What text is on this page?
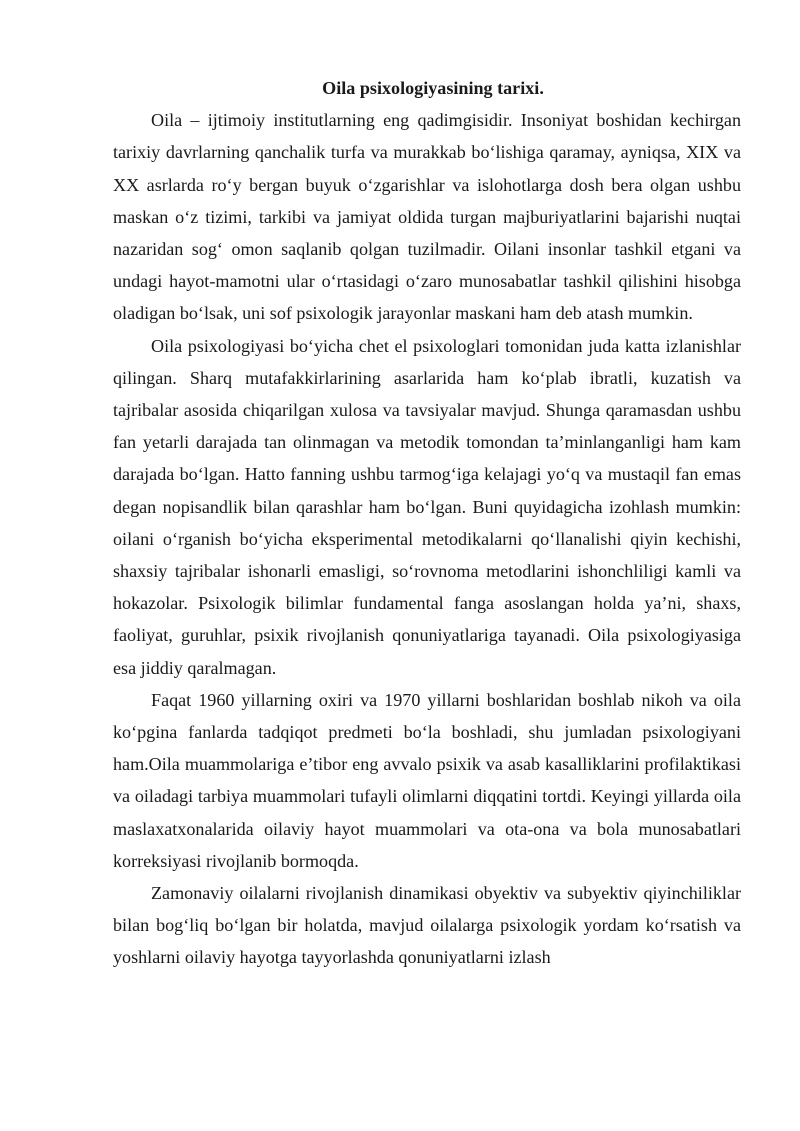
Oila psixologiyasining tarixi.

Oila – ijtimoiy institutlarning eng qadimgisidir. Insoniyat boshidan kechirgan tarixiy davrlarning qanchalik turfa va murakkab bo‘lishiga qaramay, ayniqsa, XIX va XX asrlarda ro‘y bergan buyuk o‘zgarishlar va islohotlarga dosh bera olgan ushbu maskan o‘z tizimi, tarkibi va jamiyat oldida turgan majburiyatlarini bajarishi nuqtai nazaridan sog‘ omon saqlanib qolgan tuzilmadir. Oilani insonlar tashkil etgani va undagi hayot-mamotni ular o‘rtasidagi o‘zaro munosabatlar tashkil qilishini hisobga oladigan bo‘lsak, uni sof psixologik jarayonlar maskani ham deb atash mumkin.

Oila psixologiyasi bo‘yicha chet el psixologlari tomonidan juda katta izlanishlar qilingan. Sharq mutafakkirlarining asarlarida ham ko‘plab ibratli, kuzatish va tajribalar asosida chiqarilgan xulosa va tavsiyalar mavjud. Shunga qaramasdan ushbu fan yetarli darajada tan olinmagan va metodik tomondan ta’minlanganligi ham kam darajada bo‘lgan. Hatto fanning ushbu tarmog‘iga kelajagi yo‘q va mustaqil fan emas degan nopisandlik bilan qarashlar ham bo‘lgan. Buni quyidagicha izohlash mumkin: oilani o‘rganish bo‘yicha eksperimental metodikalarni qo‘llanalishi qiyin kechishi, shaxsiy tajribalar ishonarli emasligi, so‘rovnoma metodlarini ishonchliligi kamli va hokazolar. Psixologik bilimlar fundamental fanga asoslangan holda ya’ni, shaxs, faoliyat, guruhlar, psixik rivojlanish qonuniyatlariga tayanadi. Oila psixologiyasiga esa jiddiy qaralmagan.

Faqat 1960 yillarning oxiri va 1970 yillarni boshlaridan boshlab nikoh va oila ko‘pgina fanlarda tadqiqot predmeti bo‘la boshladi, shu jumladan psixologiyani ham.Oila muammolariga e’tibor eng avvalo psixik va asab kasalliklarini profilaktikasi va oiladagi tarbiya muammolari tufayli olimlarni diqqatini tortdi. Keyingi yillarda oila maslaxatxonalarida oilaviy hayot muammolari va ota-ona va bola munosabatlari korreksiyasi rivojlanib bormoqda.

Zamonaviy oilalarni rivojlanish dinamikasi obyektiv va subyektiv qiyinchiliklar bilan bog‘liq bo‘lgan bir holatda, mavjud oilalarga psixologik yordam ko‘rsatish va yoshlarni oilaviy hayotga tayyorlashda qonuniyatlarni izlash
